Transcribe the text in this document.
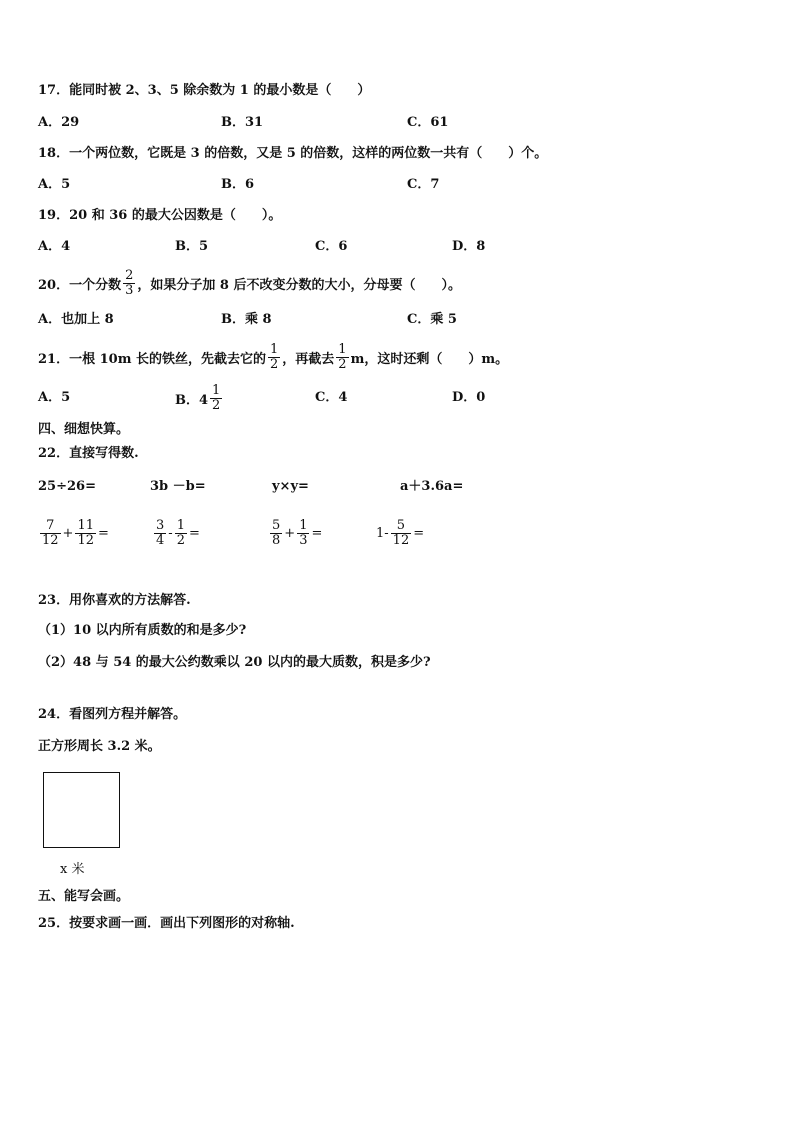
17．能同时被 2、3、5 除余数为 1 的最小数是（　　）
A．29	B．31	C．61
18．一个两位数，它既是 3 的倍数，又是 5 的倍数，这样的两位数一共有（　　）个。
A．5	B．6	C．7
19．20 和 36 的最大公因数是（　　）。
A．4	B．5	C．6	D．8
20．一个分数 $\frac{2}{3}$ ，如果分子加 8 后不改变分数的大小，分母要（　　）。
A．也加上 8	B．乘 8	C．乘 5
21．一根 10m 长的铁丝，先截去它的 $\frac{1}{2}$ ，再截去 $\frac{1}{2}$ m，这时还剩（　　）m。
A．5	B．$4 \frac{1}{2}$	C．4	D．0
四、细想快算。
22．直接写得数.
25÷26=	3b －b=	y×y=	a＋3.6a=
$\frac{7}{12} + \frac{11}{12}$ =	$\frac{3}{4} - \frac{1}{2}$ =	$\frac{5}{8} + \frac{1}{3}$ =	$1- \frac{5}{12}$ =
23．用你喜欢的方法解答.
（1）10 以内所有质数的和是多少?
（2）48 与 54 的最大公约数乘以 20 以内的最大质数，积是多少?
24．看图列方程并解答。
正方形周长 3.2 米。
x 米
五、能写会画。
25．按要求画一画．画出下列图形的对称轴.
